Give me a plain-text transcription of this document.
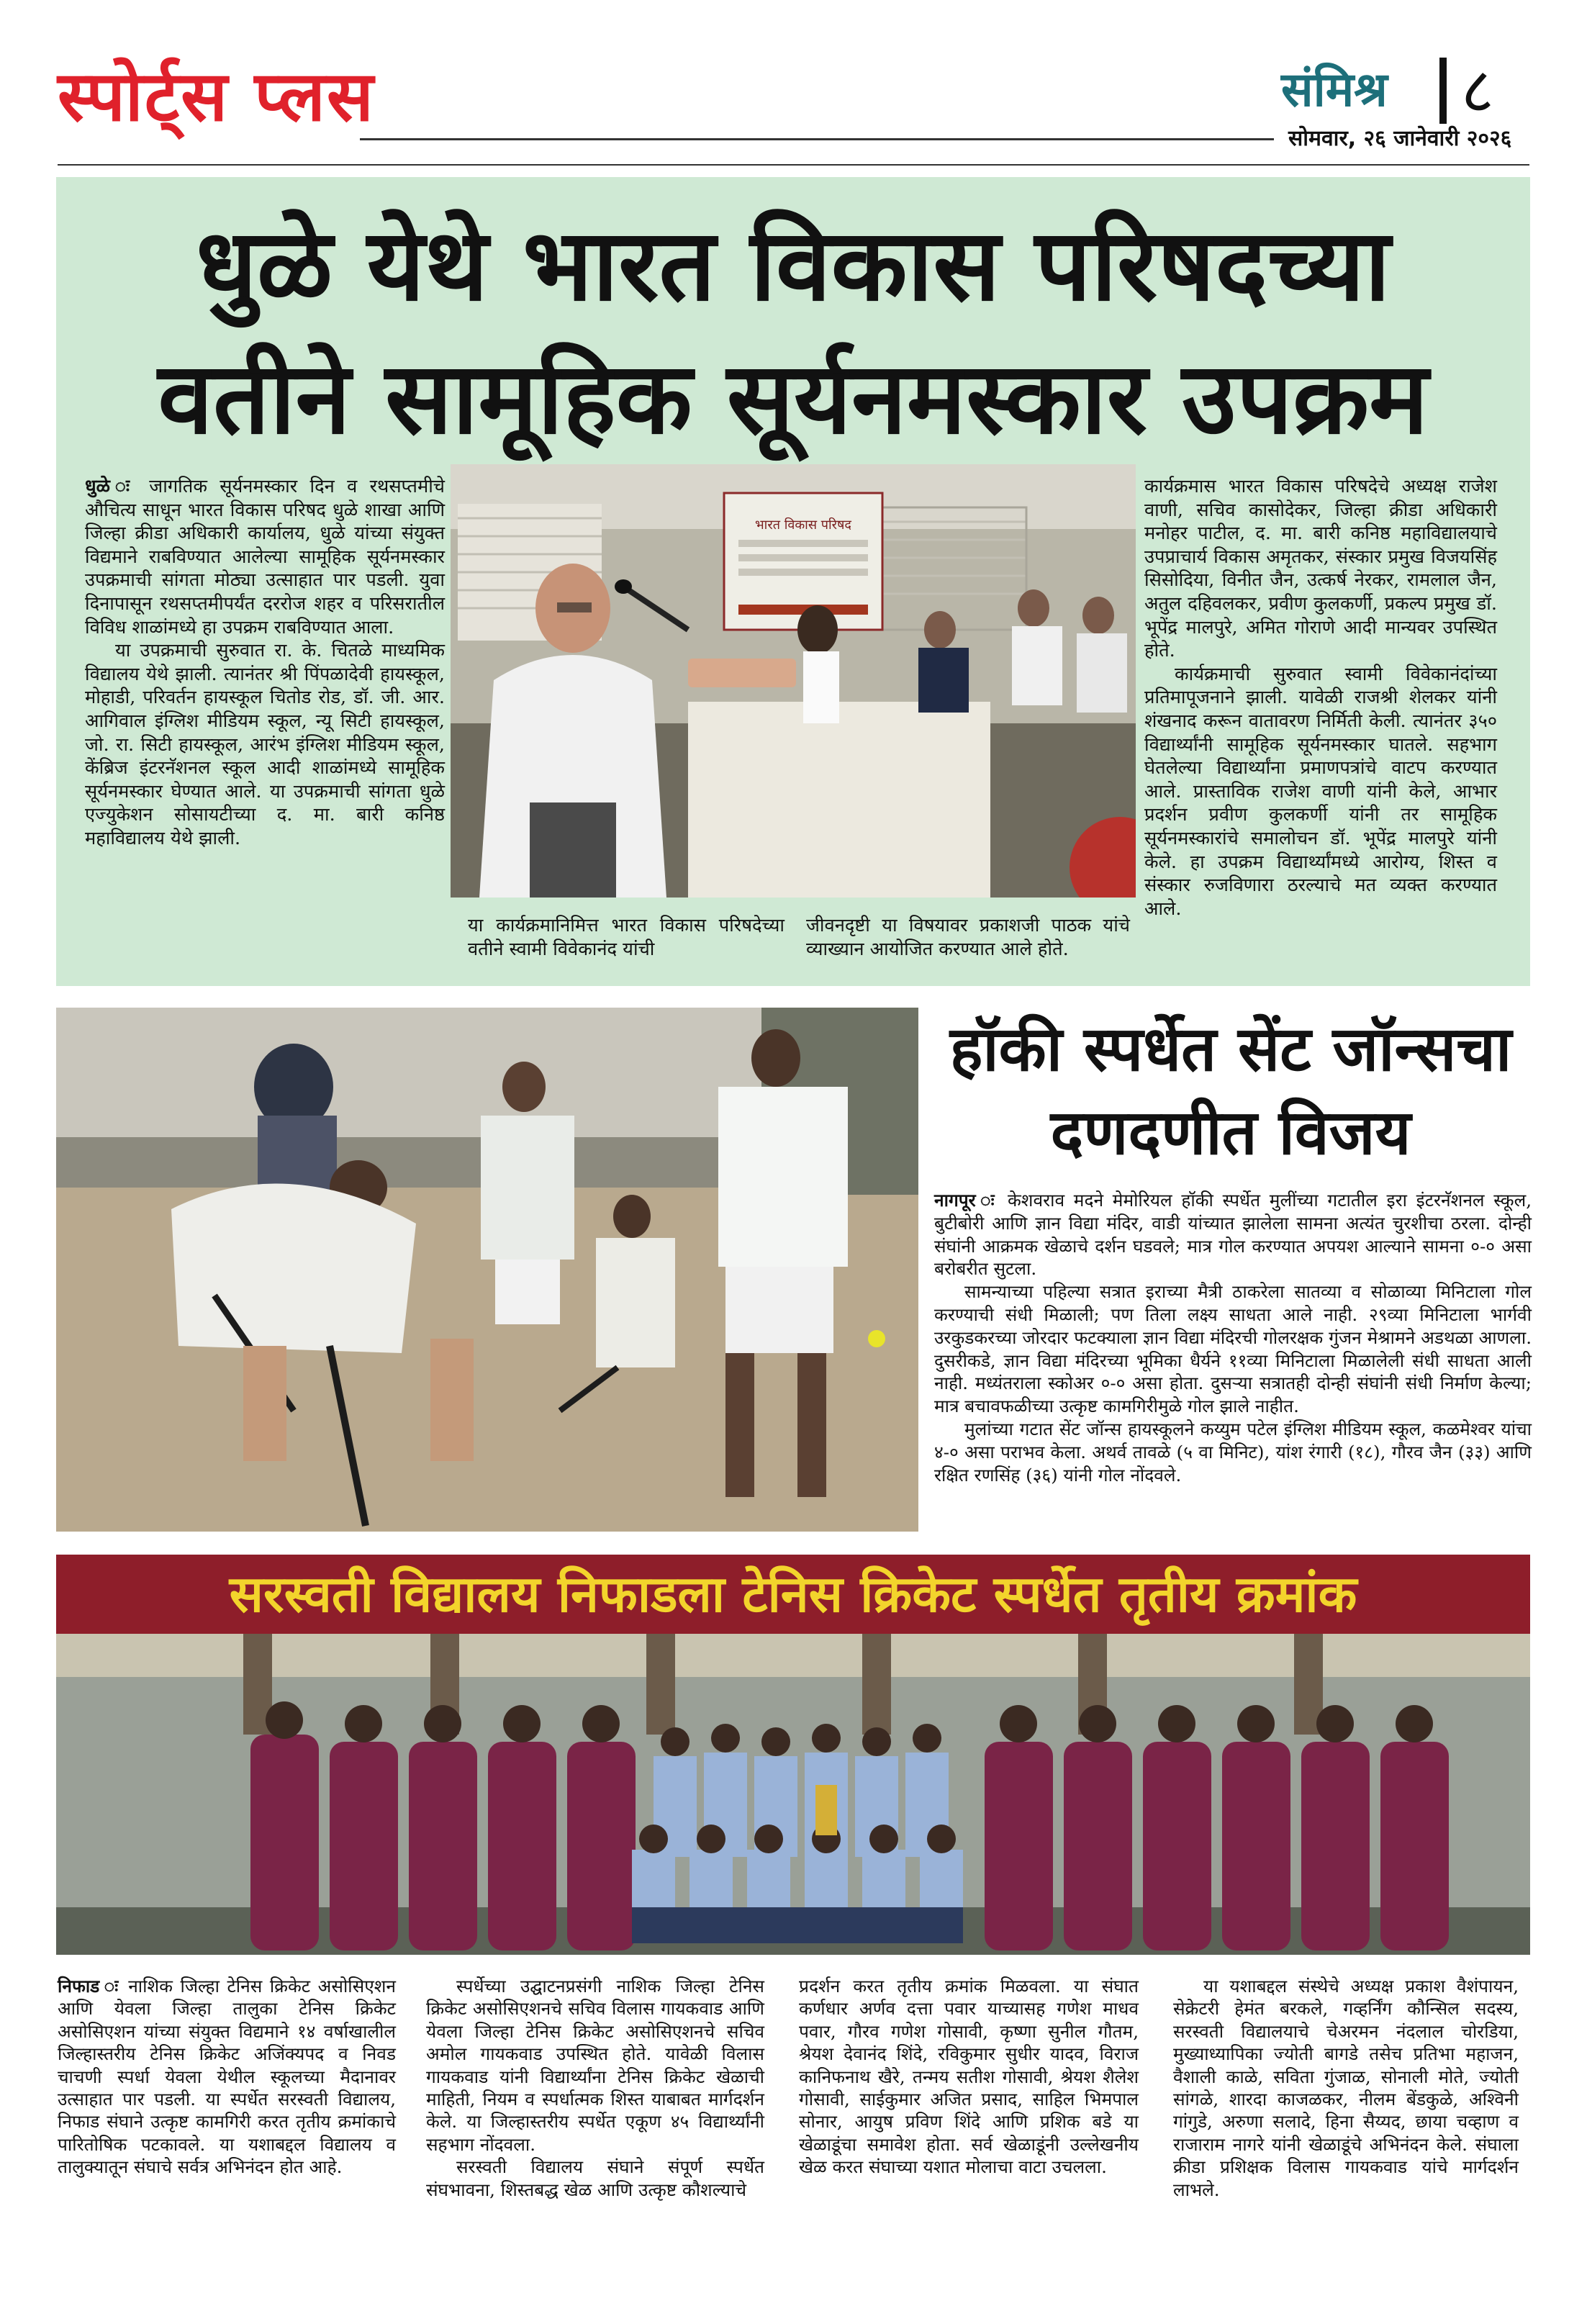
स्पोर्ट्स प्लस	संमिश्र ८
सोमवार, २६ जानेवारी २०२६
धुळे येथे भारत विकास परिषदच्या
वतीने सामूहिक सूर्यनमस्कार उपक्रम

धुळे ः जागतिक सूर्यनमस्कार दिन व रथसप्तमीचे औचित्य साधून भारत विकास परिषद धुळे शाखा आणि जिल्हा क्रीडा अधिकारी कार्यालय, धुळे यांच्या संयुक्त विद्यमाने राबविण्यात आलेल्या सामूहिक सूर्यनमस्कार उपक्रमाची सांगता मोठ्या उत्साहात पार पडली. युवा दिनापासून रथसप्तमीपर्यंत दररोज शहर व परिसरातील विविध शाळांमध्ये हा उपक्रम राबविण्यात आला.

या उपक्रमाची सुरुवात रा. के. चितळे माध्यमिक विद्यालय येथे झाली. त्यानंतर श्री पिंपळादेवी हायस्कूल, मोहाडी, परिवर्तन हायस्कूल चितोड रोड, डॉ. जी. आर. आगिवाल इंग्लिश मीडियम स्कूल, न्यू सिटी हायस्कूल, जो. रा. सिटी हायस्कूल, आरंभ इंग्लिश मीडियम स्कूल, केंब्रिज इंटरनॅशनल स्कूल आदी शाळांमध्ये सामूहिक सूर्यनमस्कार घेण्यात आले. या उपक्रमाची सांगता धुळे एज्युकेशन सोसायटीच्या द. मा. बारी कनिष्ठ महाविद्यालय येथे झाली.

भारत विकास परिषद

या कार्यक्रमानिमित्त भारत विकास परिषदेच्या वतीने स्वामी विवेकानंद यांची

जीवनदृष्टी या विषयावर प्रकाशजी पाठक यांचे व्याख्यान आयोजित करण्यात आले होते.

कार्यक्रमास भारत विकास परिषदेचे अध्यक्ष राजेश वाणी, सचिव कासोदेकर, जिल्हा क्रीडा अधिकारी मनोहर पाटील, द. मा. बारी कनिष्ठ महाविद्यालयाचे उपप्राचार्य विकास अमृतकर, संस्कार प्रमुख विजयसिंह सिसोदिया, विनीत जैन, उत्कर्ष नेरकर, रामलाल जैन, अतुल दहिवलकर, प्रवीण कुलकर्णी, प्रकल्प प्रमुख डॉ. भूपेंद्र मालपुरे, अमित गोराणे आदी मान्यवर उपस्थित होते.

कार्यक्रमाची सुरुवात स्वामी विवेकानंदांच्या प्रतिमापूजनाने झाली. यावेळी राजश्री शेलकर यांनी शंखनाद करून वातावरण निर्मिती केली. त्यानंतर ३५० विद्यार्थ्यांनी सामूहिक सूर्यनमस्कार घातले. सहभाग घेतलेल्या विद्यार्थ्यांना प्रमाणपत्रांचे वाटप करण्यात आले. प्रास्ताविक राजेश वाणी यांनी केले, आभार प्रदर्शन प्रवीण कुलकर्णी यांनी तर सामूहिक सूर्यनमस्कारांचे समालोचन डॉ. भूपेंद्र मालपुरे यांनी केले. हा उपक्रम विद्यार्थ्यांमध्ये आरोग्य, शिस्त व संस्कार रुजविणारा ठरल्याचे मत व्यक्त करण्यात आले.

हॉकी स्पर्धेत सेंट जॉन्सचा
दणदणीत विजय

नागपूर ः केशवराव मदने मेमोरियल हॉकी स्पर्धेत मुलींच्या गटातील इरा इंटरनॅशनल स्कूल, बुटीबोरी आणि ज्ञान विद्या मंदिर, वाडी यांच्यात झालेला सामना अत्यंत चुरशीचा ठरला. दोन्ही संघांनी आक्रमक खेळाचे दर्शन घडवले; मात्र गोल करण्यात अपयश आल्याने सामना ०-० असा बरोबरीत सुटला.

सामन्याच्या पहिल्या सत्रात इराच्या मैत्री ठाकरेला सातव्या व सोळाव्या मिनिटाला गोल करण्याची संधी मिळाली; पण तिला लक्ष्य साधता आले नाही. २९व्या मिनिटाला भार्गवी उरकुडकरच्या जोरदार फटक्याला ज्ञान विद्या मंदिरची गोलरक्षक गुंजन मेश्रामने अडथळा आणला. दुसरीकडे, ज्ञान विद्या मंदिरच्या भूमिका धैर्यने ११व्या मिनिटाला मिळालेली संधी साधता आली नाही. मध्यंतराला स्कोअर ०-० असा होता. दुसऱ्या सत्रातही दोन्ही संघांनी संधी निर्माण केल्या; मात्र बचावफळीच्या उत्कृष्ट कामगिरीमुळे गोल झाले नाहीत.

मुलांच्या गटात सेंट जॉन्स हायस्कूलने कय्युम पटेल इंग्लिश मीडियम स्कूल, कळमेश्वर यांचा ४-० असा पराभव केला. अथर्व तावळे (५ वा मिनिट), यांश रंगारी (१८), गौरव जैन (३३) आणि रक्षित रणसिंह (३६) यांनी गोल नोंदवले.

सरस्वती विद्यालय निफाडला टेनिस क्रिकेट स्पर्धेत तृतीय क्रमांक

निफाड ः नाशिक जिल्हा टेनिस क्रिकेट असोसिएशन आणि येवला जिल्हा तालुका टेनिस क्रिकेट असोसिएशन यांच्या संयुक्त विद्यमाने १४ वर्षाखालील जिल्हास्तरीय टेनिस क्रिकेट अजिंक्यपद व निवड चाचणी स्पर्धा येवला येथील स्कूलच्या मैदानावर उत्साहात पार पडली. या स्पर्धेत सरस्वती विद्यालय, निफाड संघाने उत्कृष्ट कामगिरी करत तृतीय क्रमांकाचे पारितोषिक पटकावले. या यशाबद्दल विद्यालय व तालुक्यातून संघाचे सर्वत्र अभिनंदन होत आहे.

स्पर्धेच्या उद्घाटनप्रसंगी नाशिक जिल्हा टेनिस क्रिकेट असोसिएशनचे सचिव विलास गायकवाड आणि येवला जिल्हा टेनिस क्रिकेट असोसिएशनचे सचिव अमोल गायकवाड उपस्थित होते. यावेळी विलास गायकवाड यांनी विद्यार्थ्यांना टेनिस क्रिकेट खेळाची माहिती, नियम व स्पर्धात्मक शिस्त याबाबत मार्गदर्शन केले. या जिल्हास्तरीय स्पर्धेत एकूण ४५ विद्यार्थ्यांनी सहभाग नोंदवला.

सरस्वती विद्यालय संघाने संपूर्ण स्पर्धेत संघभावना, शिस्तबद्ध खेळ आणि उत्कृष्ट कौशल्याचे

प्रदर्शन करत तृतीय क्रमांक मिळवला. या संघात कर्णधार अर्णव दत्ता पवार याच्यासह गणेश माधव पवार, गौरव गणेश गोसावी, कृष्णा सुनील गौतम, श्रेयश देवानंद शिंदे, रविकुमार सुधीर यादव, विराज कानिफनाथ खैरे, तन्मय सतीश गोसावी, श्रेयश शैलेश गोसावी, साईकुमार अजित प्रसाद, साहिल भिमपाल सोनार, आयुष प्रविण शिंदे आणि प्रशिक बडे या खेळाडूंचा समावेश होता. सर्व खेळाडूंनी उल्लेखनीय खेळ करत संघाच्या यशात मोलाचा वाटा उचलला.

या यशाबद्दल संस्थेचे अध्यक्ष प्रकाश वैशंपायन, सेक्रेटरी हेमंत बरकले, गव्हर्निंग कौन्सिल सदस्य, सरस्वती विद्यालयाचे चेअरमन नंदलाल चोरडिया, मुख्याध्यापिका ज्योती बागडे तसेच प्रतिभा महाजन, वैशाली काळे, सविता गुंजाळ, सोनाली मोते, ज्योती सांगळे, शारदा काजळकर, नीलम बेंडकुळे, अश्विनी गांगुडे, अरुणा सलादे, हिना सैय्यद, छाया चव्हाण व राजाराम नागरे यांनी खेळाडूंचे अभिनंदन केले. संघाला क्रीडा प्रशिक्षक विलास गायकवाड यांचे मार्गदर्शन लाभले.
